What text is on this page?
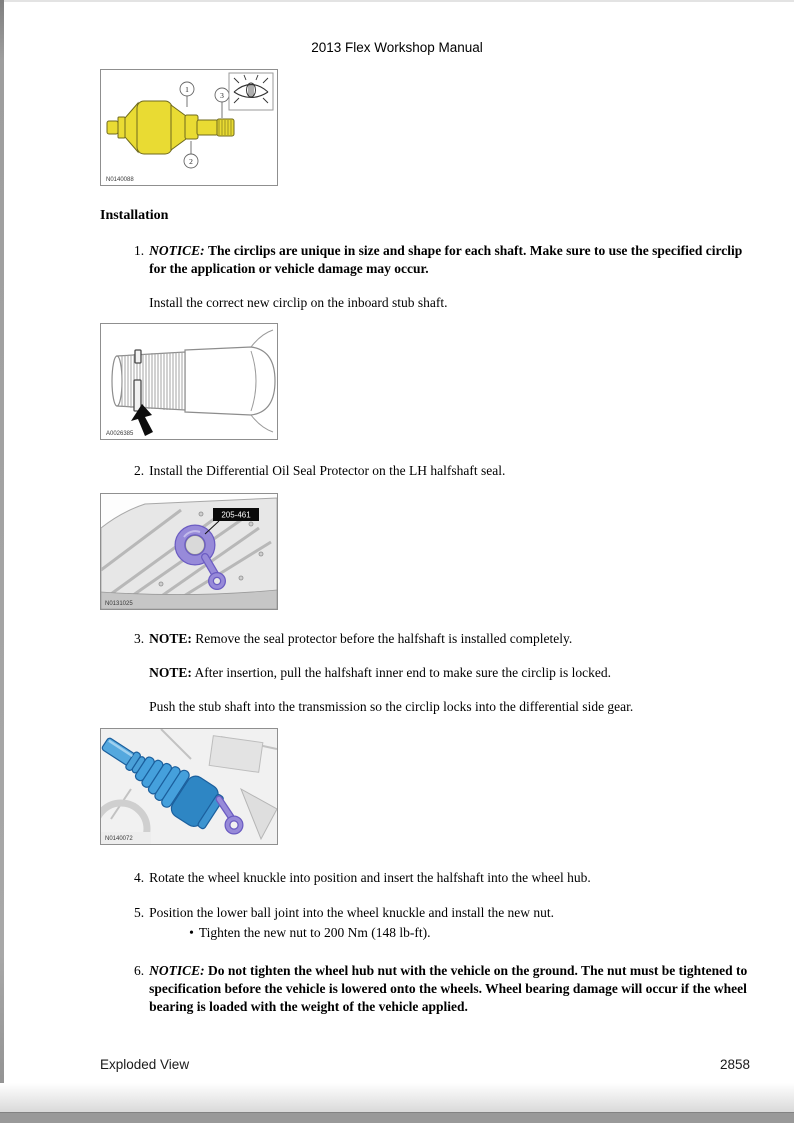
2013 Flex Workshop Manual
1
3
2
N0140088
Installation
1. NOTICE: The circlips are unique in size and shape for each shaft. Make sure to use the specified circlip for the application or vehicle damage may occur.

Install the correct new circlip on the inboard stub shaft.

A0026385
2. Install the Differential Oil Seal Protector on the LH halfshaft seal.

205-461
N0131025
3. NOTE: Remove the seal protector before the halfshaft is installed completely.

NOTE: After insertion, pull the halfshaft inner end to make sure the circlip is locked.

Push the stub shaft into the transmission so the circlip locks into the differential side gear.

N0140072
4. Rotate the wheel knuckle into position and insert the halfshaft into the wheel hub.

5. Position the lower ball joint into the wheel knuckle and install the new nut.

• Tighten the new nut to 200 Nm (148 lb-ft).
6. NOTICE: Do not tighten the wheel hub nut with the vehicle on the ground. The nut must be tightened to specification before the vehicle is lowered onto the wheels. Wheel bearing damage will occur if the wheel bearing is loaded with the weight of the vehicle applied.

Exploded View	2858
